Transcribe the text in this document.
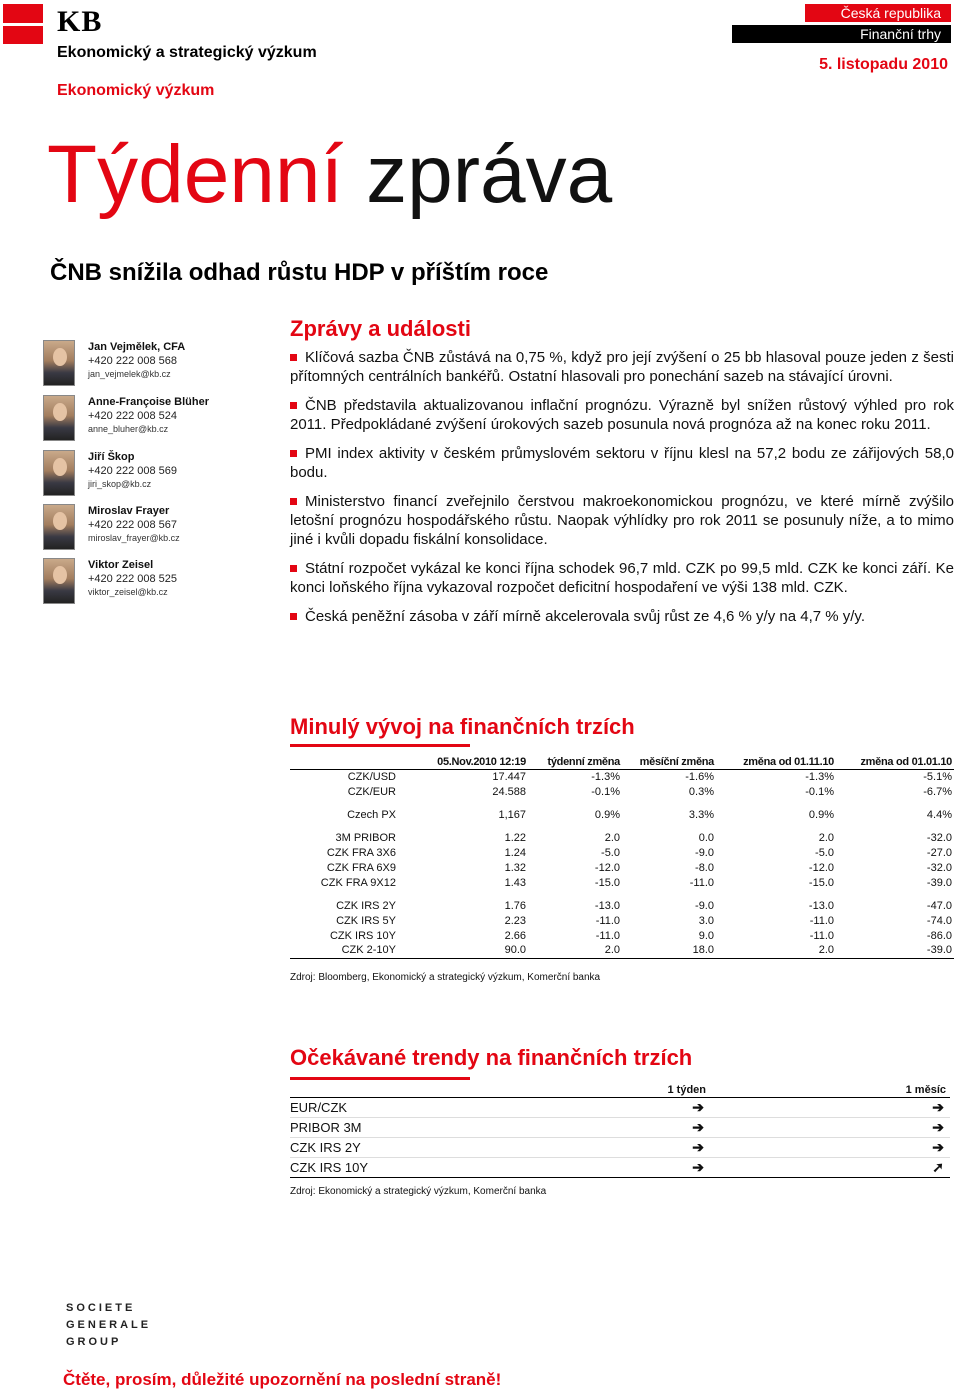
KB
Ekonomický a strategický výzkum
Ekonomický výzkum
Česká republika
Finanční trhy
5. listopadu 2010
Týdenní zpráva
ČNB snížila odhad růstu HDP v příštím roce
Jan Vejmělek, CFA
+420 222 008 568
jan_vejmelek@kb.cz
Anne-Françoise Blüher
+420 222 008 524
anne_bluher@kb.cz
Jiří Škop
+420 222 008 569
jiri_skop@kb.cz
Miroslav Frayer
+420 222 008 567
miroslav_frayer@kb.cz
Viktor Zeisel
+420 222 008 525
viktor_zeisel@kb.cz
Zprávy a události

Klíčová sazba ČNB zůstává na 0,75 %, když pro její zvýšení o 25 bb hlasoval pouze jeden z šesti přítomných centrálních bankéřů. Ostatní hlasovali pro ponechání sazeb na stávající úrovni.

ČNB představila aktualizovanou inflační prognózu. Výrazně byl snížen růstový výhled pro rok 2011. Předpokládané zvýšení úrokových sazeb posunula nová prognóza až na konec roku 2011.

PMI index aktivity v českém průmyslovém sektoru v říjnu klesl na 57,2 bodu ze zářijových 58,0 bodu.

Ministerstvo financí zveřejnilo čerstvou makroekonomickou prognózu, ve které mírně zvýšilo letošní prognózu hospodářského růstu. Naopak výhlídky pro rok 2011 se posunuly níže, a to mimo jiné i kvůli dopadu fiskální konsolidace.

Státní rozpočet vykázal ke konci října schodek 96,7 mld. CZK po 99,5 mld. CZK ke konci září. Ke konci loňského října vykazoval rozpočet deficitní hospodaření ve výši 138 mld. CZK.

Česká peněžní zásoba v září mírně akcelerovala svůj růst ze 4,6 % y/y na 4,7 % y/y.

Minulý vývoj na finančních trzích
	05.Nov.2010 12:19	týdenní změna	měsíční změna	změna od 01.11.10	změna od 01.01.10
CZK/USD	17.447	-1.3%	-1.6%	-1.3%	-5.1%
CZK/EUR	24.588	-0.1%	0.3%	-0.1%	-6.7%

Czech PX	1,167	0.9%	3.3%	0.9%	4.4%

3M PRIBOR	1.22	2.0	0.0	2.0	-32.0
CZK FRA 3X6	1.24	-5.0	-9.0	-5.0	-27.0
CZK FRA 6X9	1.32	-12.0	-8.0	-12.0	-32.0
CZK FRA 9X12	1.43	-15.0	-11.0	-15.0	-39.0

CZK IRS 2Y	1.76	-13.0	-9.0	-13.0	-47.0
CZK IRS 5Y	2.23	-11.0	3.0	-11.0	-74.0
CZK IRS 10Y	2.66	-11.0	9.0	-11.0	-86.0
CZK 2-10Y	90.0	2.0	18.0	2.0	-39.0
Zdroj: Bloomberg, Ekonomický a strategický výzkum, Komerční banka
Očekávané trendy na finančních trzích
	1 týden	1 měsíc
EUR/CZK	➔	➔
PRIBOR 3M	➔	➔
CZK IRS 2Y	➔	➔
CZK IRS 10Y	➔	➚
Zdroj: Ekonomický a strategický výzkum, Komerční banka
SOCIETE
GENERALE
GROUP
Čtěte, prosím, důležité upozornění na poslední straně!
